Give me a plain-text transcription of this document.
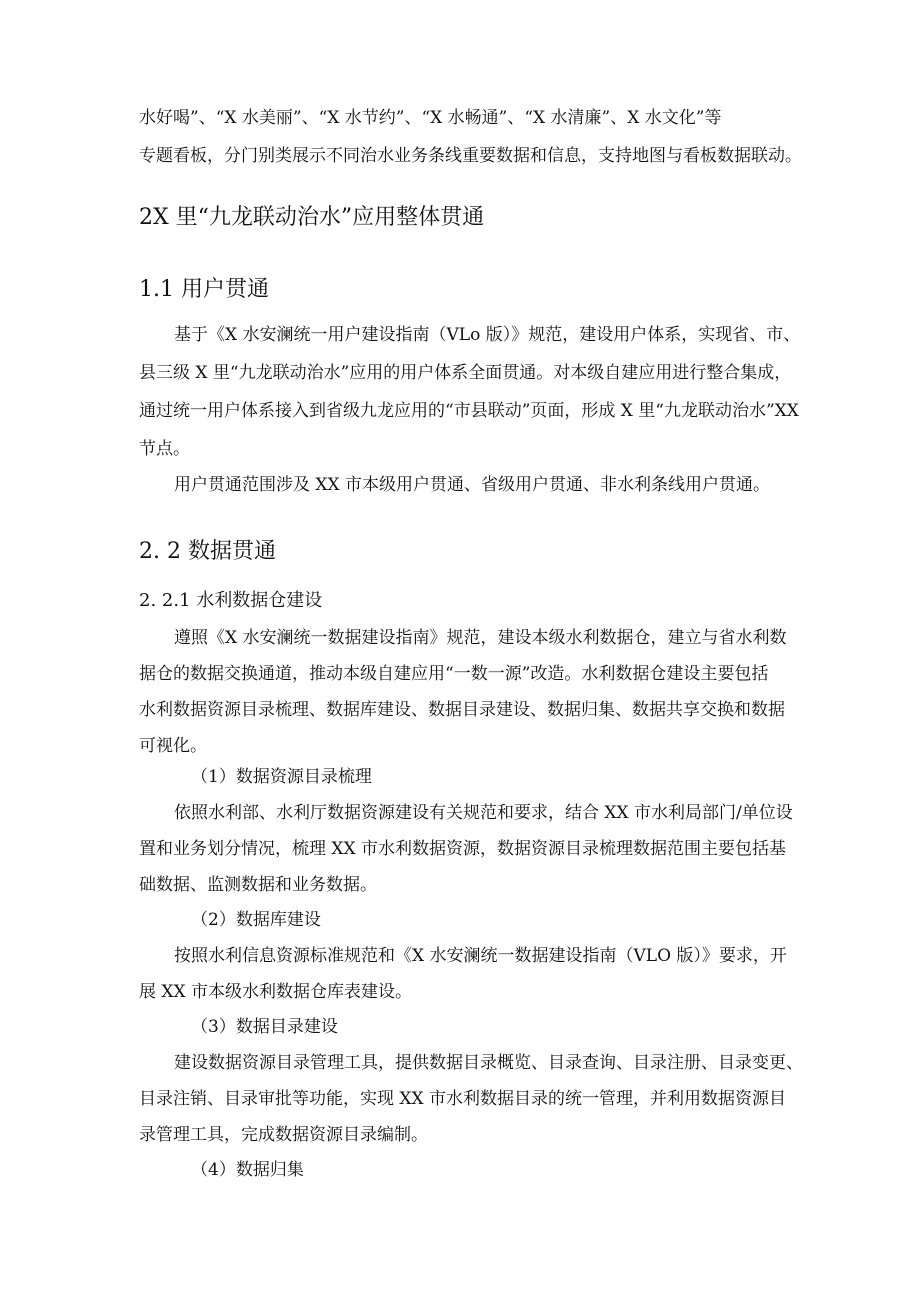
水好喝”、“X 水美丽”、“X 水节约”、“X 水畅通”、“X 水清廉”、X 水文化”等
专题看板，分门别类展示不同治水业务条线重要数据和信息，支持地图与看板数据联动。
2X 里“九龙联动治水”应用整体贯通
1.1 用户贯通
基于《X 水安澜统一用户建设指南（VLo 版）》规范，建设用户体系，实现省、市、
县三级 X 里“九龙联动治水”应用的用户体系全面贯通。对本级自建应用进行整合集成，
通过统一用户体系接入到省级九龙应用的“市县联动”页面，形成 X 里“九龙联动治水”XX
节点。
用户贯通范围涉及 XX 市本级用户贯通、省级用户贯通、非水利条线用户贯通。
2. 2 数据贯通
2. 2.1 水利数据仓建设
遵照《X 水安澜统一数据建设指南》规范，建设本级水利数据仓，建立与省水利数
据仓的数据交换通道，推动本级自建应用“一数一源”改造。水利数据仓建设主要包括
水利数据资源目录梳理、数据库建设、数据目录建设、数据归集、数据共享交换和数据
可视化。
（1）数据资源目录梳理
依照水利部、水利厅数据资源建设有关规范和要求，结合 XX 市水利局部门/单位设
置和业务划分情况，梳理 XX 市水利数据资源，数据资源目录梳理数据范围主要包括基
础数据、监测数据和业务数据。
（2）数据库建设
按照水利信息资源标准规范和《X 水安澜统一数据建设指南（VLO 版）》要求，开
展 XX 市本级水利数据仓库表建设。
（3）数据目录建设
建设数据资源目录管理工具，提供数据目录概览、目录查询、目录注册、目录变更、
目录注销、目录审批等功能，实现 XX 市水利数据目录的统一管理，并利用数据资源目
录管理工具，完成数据资源目录编制。
（4）数据归集
